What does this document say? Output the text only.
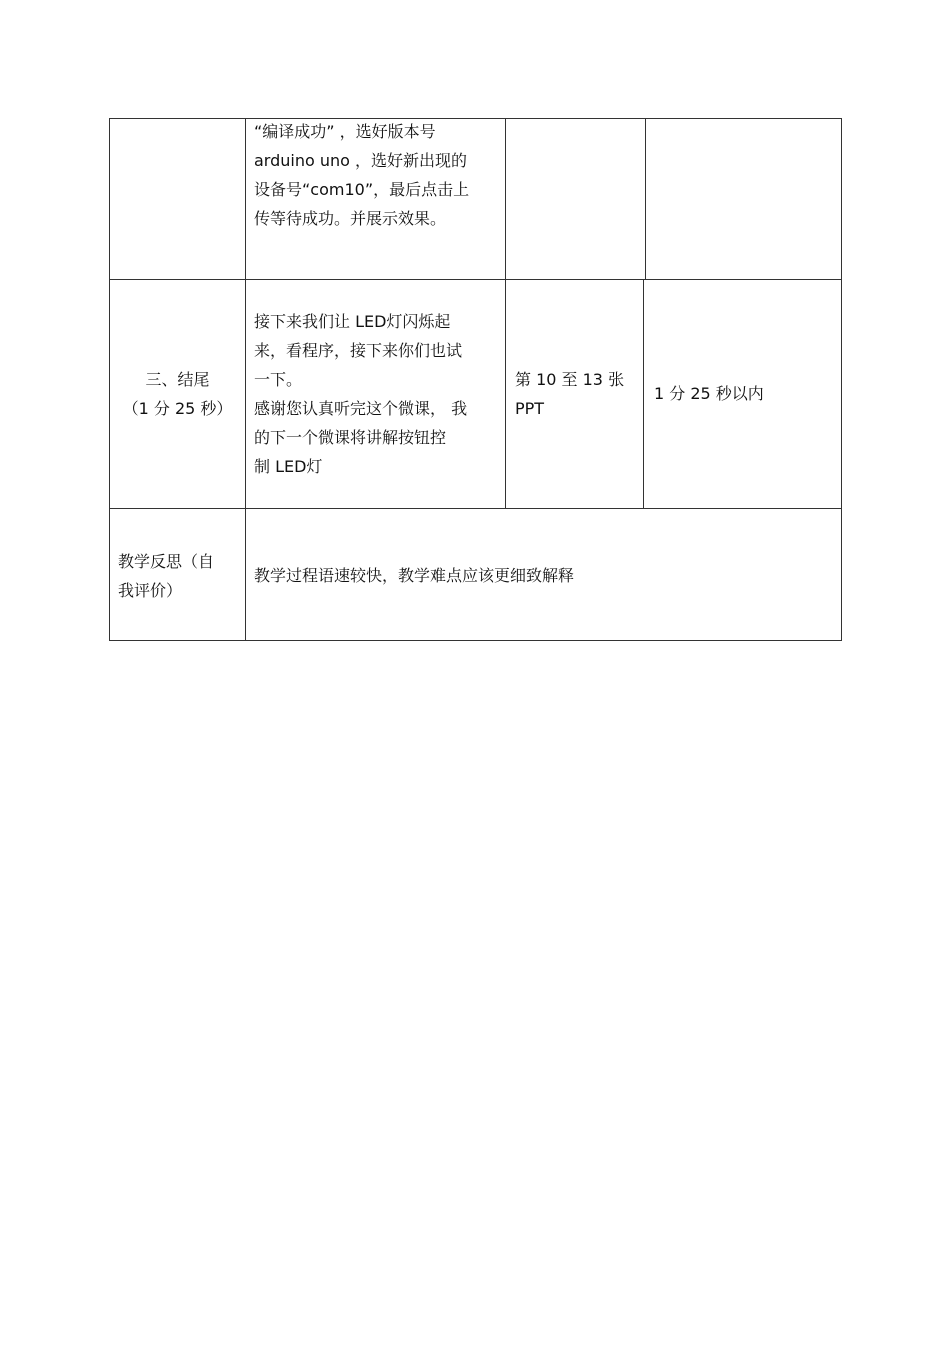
“编译成功” ，选好版本号
arduino uno ，选好新出现的
设备号“com10”，最后点击上
传等待成功。并展示效果。
三、结尾
（1 分 25 秒）
接下来我们让 LED灯闪烁起
来，看程序，接下来你们也试
一下。
感谢您认真听完这个微课， 我
的下一个微课将讲解按钮控
制 LED灯
第 10 至 13 张
PPT
1 分 25 秒以内
教学反思（自
我评价）
教学过程语速较快，教学难点应该更细致解释
